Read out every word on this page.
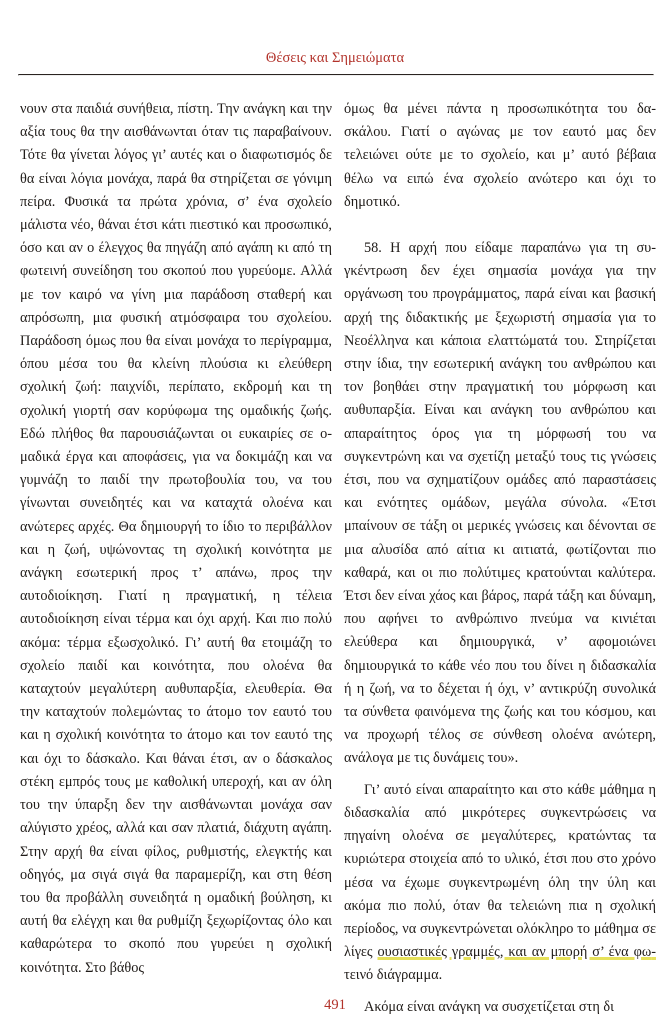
Θέσεις και Σημειώματα

νουν στα παιδιά συνήθεια, πίστη. Την ανάγκη και την αξία τους θα την αισθάνωνται όταν τις παραβαίνουν. Τότε θα γίνεται λόγος γι’ αυτές και ο διαφωτισμός δε θα είναι λόγια μονάχα, παρά θα στηρίζεται σε γόνιμη πείρα. Φυσικά τα πρώτα χρόνια, σ’ ένα σχολείο μάλιστα νέο, θάναι έτσι κάτι πιεστικό και προσωπικό, όσο και αν ο έλεγχος θα πηγάζη από αγάπη κι από τη φωτεινή συνείδηση του σκοπού που γυρεύομε. Αλλά με τον καιρό να γίνη μια παράδοση σταθερή και απρόσωπη, μια φυσική ατμόσφαιρα του σχολείου. Παράδοση όμως που θα είναι μονάχα το περίγραμμα, όπου μέσα του θα κλείνη πλούσια κι ελεύθερη σχολική ζωή: παιχνίδι, περίπατο, εκδρομή και τη σχολική γιορτή σαν κορύφωμα της ομαδικής ζωής. Εδώ πλήθος θα παρουσιάζωνται οι ευκαιρίες σε ομαδικά έργα και αποφάσεις, για να δοκιμάζη και να γυμνάζη το παιδί την πρωτοβουλία του, να του γίνωνται συνειδητές και να καταχτά ολοένα και ανώτερες αρχές. Θα δημιουργή το ίδιο το περιβάλλον και η ζωή, υψώνοντας τη σχολική κοινότητα με ανάγκη εσωτερική προς τ’ απάνω, προς την αυτοδιοίκηση. Γιατί η πραγματική, η τέλεια αυτοδιοίκηση είναι τέρμα και όχι αρχή. Και πιο πολύ ακόμα: τέρμα εξωσχολικό. Γι’ αυτή θα ετοιμάζη το σχολείο παιδί και κοινότητα, που ολοένα θα καταχτούν μεγαλύτερη αυθυπαρξία, ελευθερία. Θα την καταχτούν πολεμώντας το άτομο τον εαυτό του και η σχολική κοινότητα το άτομο και τον εαυτό της και όχι το δάσκαλο. Και θάναι έτσι, αν ο δάσκαλος στέκη εμπρός τους με καθολική υπεροχή, και αν όλη του την ύπαρξη δεν την αισθάνωνται μονάχα σαν αλύγιστο χρέος, αλλά και σαν πλατιά, διάχυτη αγάπη. Στην αρχή θα είναι φίλος, ρυθμιστής, ελεγκτής και οδηγός, μα σιγά σιγά θα παραμερίζη, και στη θέση του θα προβάλλη συνειδητά η ομαδική βούληση, κι αυτή θα ελέγχη και θα ρυθμίζη ξεχωρίζοντας όλο και καθαρώτερα το σκοπό που γυρεύει η σχολική κοινότητα. Στο βάθος

όμως θα μένει πάντα η προσωπικότητα του δασκάλου. Γιατί ο αγώνας με τον εαυτό μας δεν τελειώνει ούτε με το σχολείο, και μ’ αυτό βέβαια θέλω να ειπώ ένα σχολείο ανώτερο και όχι το δημοτικό.

58. Η αρχή που είδαμε παραπάνω για τη συγκέντρωση δεν έχει σημασία μονάχα για την οργάνωση του προγράμματος, παρά είναι και βασική αρχή της διδακτικής με ξεχωριστή σημασία για το Νεοέλληνα και κάποια ελαττώματά του. Στηρίζεται στην ίδια, την εσωτερική ανάγκη του ανθρώπου και τον βοηθάει στην πραγματική του μόρφωση και αυθυπαρξία. Είναι και ανάγκη του ανθρώπου και απαραίτητος όρος για τη μόρφωσή του να συγκεντρώνη και να σχετίζη μεταξύ τους τις γνώσεις έτσι, που να σχηματίζουν ομάδες από παραστάσεις και ενότητες ομάδων, μεγάλα σύνολα. «Έτσι μπαίνουν σε τάξη οι μερικές γνώσεις και δένονται σε μια αλυσίδα από αίτια κι αιτιατά, φωτίζονται πιο καθαρά, και οι πιο πολύτιμες κρατούνται καλύτερα. Έτσι δεν είναι χάος και βάρος, παρά τάξη και δύναμη, που αφήνει το ανθρώπινο πνεύμα να κινιέται ελεύθερα και δημιουργικά, ν’ αφομοιώνει δημιουργικά το κάθε νέο που του δίνει η διδασκαλία ή η ζωή, να το δέχεται ή όχι, ν’ αντικρύζη συνολικά τα σύνθετα φαινόμενα της ζωής και του κόσμου, και να προχωρή τέλος σε σύνθεση ολοένα ανώτερη, ανάλογα με τις δυνάμεις του».

Γι’ αυτό είναι απαραίτητο και στο κάθε μάθημα η διδασκαλία από μικρότερες συγκεντρώσεις να πηγαίνη ολοένα σε μεγαλύτερες, κρατώντας τα κυριώτερα στοιχεία από το υλικό, έτσι που στο χρόνο μέσα να έχωμε συγκεντρωμένη όλη την ύλη και ακόμα πιο πολύ, όταν θα τελειώνη πια η σχολική περίοδος, να συγκεντρώνεται ολόκληρο το μάθημα σε λίγες ουσιαστικές γραμμές, και αν μπορή σ’ ένα φωτεινό διάγραμμα.

Ακόμα είναι ανάγκη να συσχετίζεται στη δι

491
